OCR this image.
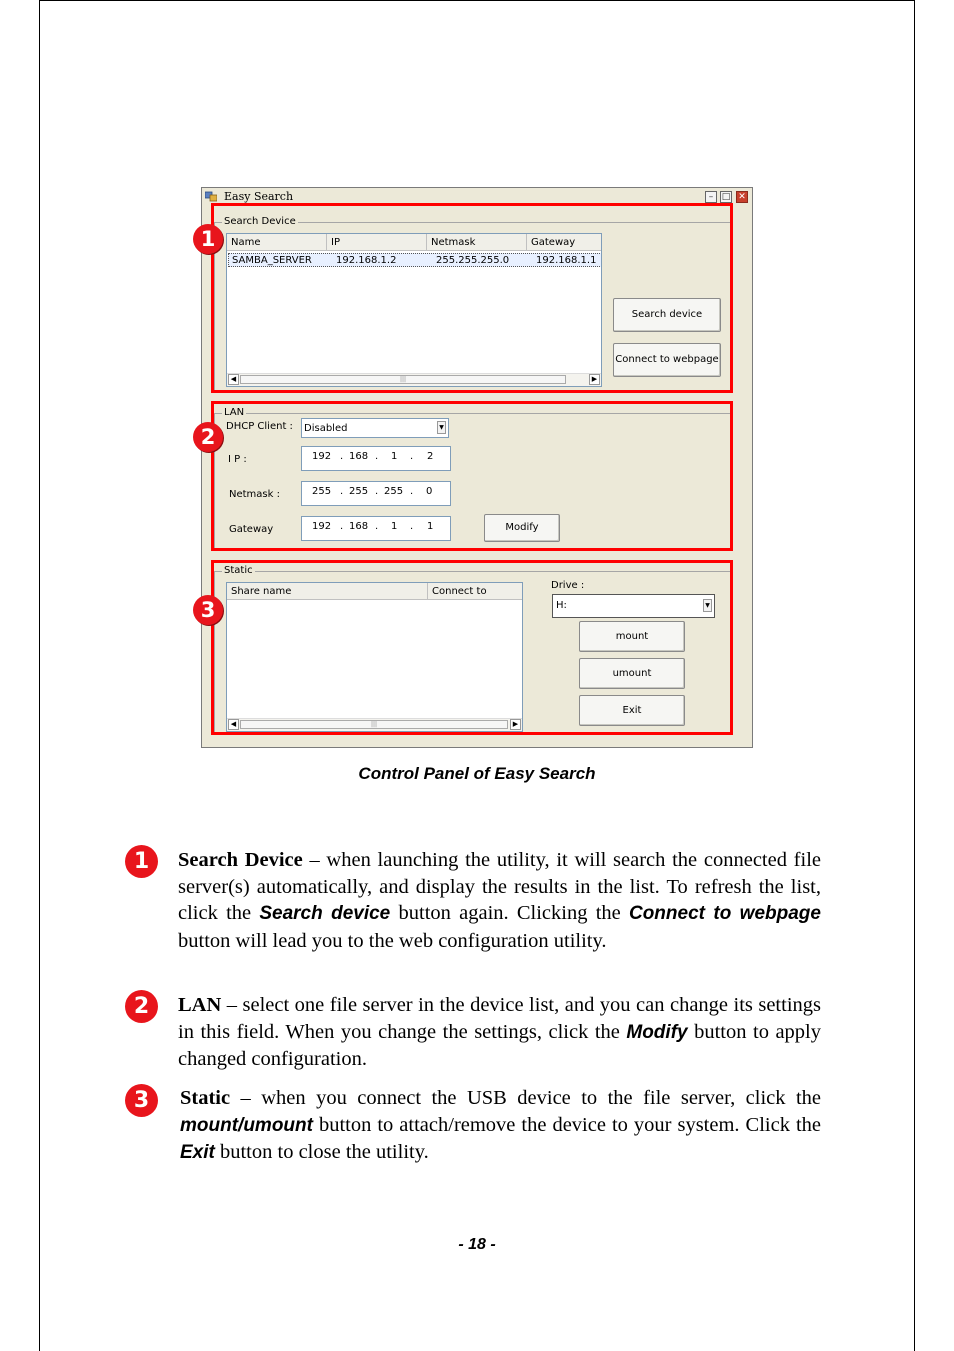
Easy Search	– □ ✕
Search Device
Name	IP	Netmask	Gateway
SAMBA_SERVER	192.168.1.2	255.255.255.0	192.168.1.1
◀	|||	▶
Search device
Connect to webpage
LAN
DHCP Client :	Disabled	▼
I P :	192 . 168 . 1 . 2
Netmask :	255 . 255 . 255 . 0
Gateway	192 . 168 . 1 . 1	Modify
Static
Share name	Connect to
◀	|||	▶
Drive :
H:	▼
mount
umount
Exit
1
2
3
Control Panel of Easy Search
1	Search Device – when launching the utility, it will search the connected file server(s) automatically, and display the results in the list. To refresh the list, click the Search device button again. Clicking the Connect to webpage button will lead you to the web configuration utility.
2	LAN – select one file server in the device list, and you can change its settings in this field. When you change the settings, click the Modify button to apply changed configuration.
3	Static – when you connect the USB device to the file server, click the mount/umount button to attach/remove the device to your system. Click the Exit button to close the utility.
- 18 -
